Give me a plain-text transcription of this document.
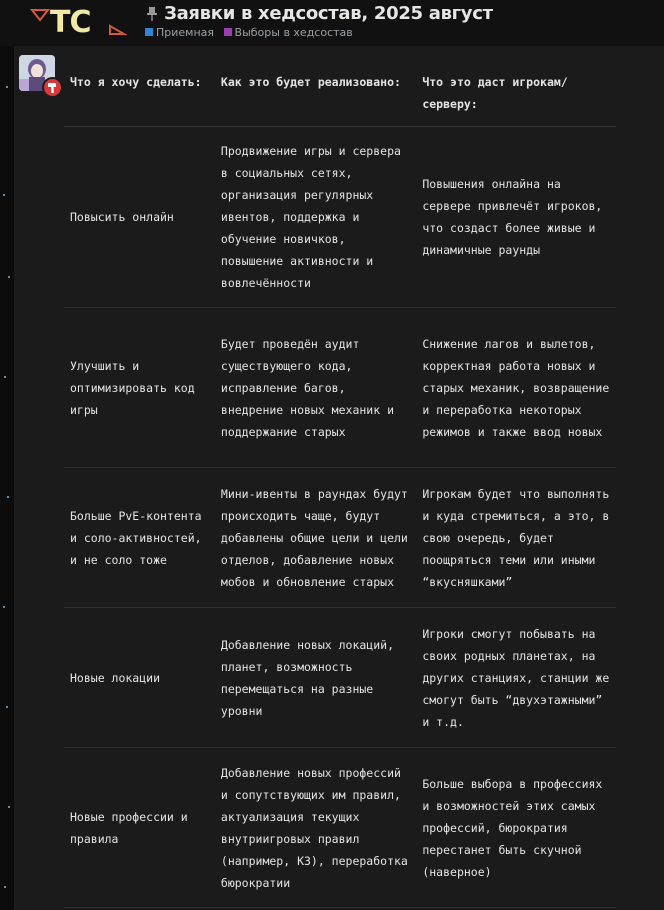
TC	Заявки в хедсостав, 2025 август
Приемная Выборы в хедсостав
Что я хочу сделать:	Как это будет реализовано:	Что это даст игрокам/серверу:
Повысить онлайн	Продвижение игры и сервера в социальных сетях, организация регулярных ивентов, поддержка и обучение новичков, повышение активности и вовлечённости	Повышения онлайна на сервере привлечёт игроков, что создаст более живые и динамичные раунды
Улучшить и оптимизировать код игры	Будет проведён аудит существующего кода, исправление багов, внедрение новых механик и поддержание старых	Снижение лагов и вылетов, корректная работа новых и старых механик, возвращение и переработка некоторых режимов и также ввод новых
Больше PvE-контента и соло-активностей, и не соло тоже	Мини-ивенты в раундах будут происходить чаще, будут добавлены общие цели и цели отделов, добавление новых мобов и обновление старых	Игрокам будет что выполнять и куда стремиться, а это, в свою очередь, будет поощряться теми или иными “вкусняшками”
Новые локации	Добавление новых локаций, планет, возможность перемещаться на разные уровни	Игроки смогут побывать на своих родных планетах, на других станциях, станции же смогут быть “двухэтажными” и т.д.
Новые профессии и правила	Добавление новых профессий и сопутствующих им правил, актуализация текущих внутриигровых правил (например, КЗ), переработка бюрократии	Больше выбора в профессиях и возможностей этих самых профессий, бюрократия перестанет быть скучной (наверное)
